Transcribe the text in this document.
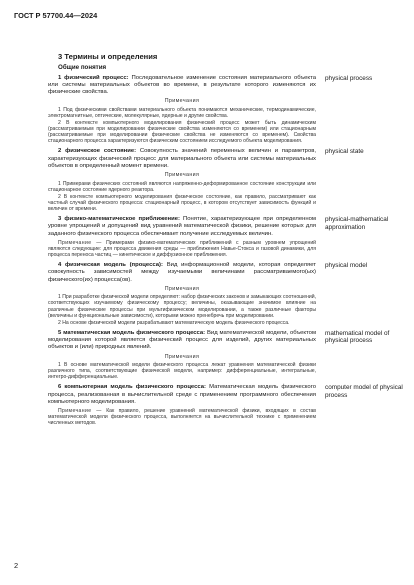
ГОСТ Р 57700.44—2024
3 Термины и определения
Общие понятия
1 физический процесс: Последовательное изменение состояния материального объекта или системы материальных объектов во времени, в результате которого изменяются их физические свойства.
physical process
Примечания
1 Под физическими свойствами материального объекта понимаются механические, термодинамические, электромагнитные, оптические, молекулярные, ядерные и другие свойства.
2 В контексте компьютерного моделирования физический процесс может быть динамическим (рассматриваемым при моделировании физические свойства изменяются со временем) или стационарным (рассматриваемые при моделировании физические свойства не изменяются со временем). Свойства стационарного процесса характеризуются физическим состоянием исследуемого объекта моделирования.
2 физическое состояние: Совокупность значений переменных величин и параметров, характеризующих физический процесс для материального объекта или системы материальных объектов в определенный момент времени.
physical state
Примечания
1 Примерами физических состояний являются напряженно-деформированное состояние конструкции или стационарное состояние ядерного реактора.
2 В контексте компьютерного моделирования физическое состояние, как правило, рассматривают как частный случай физического процесса: стационарный процесс, в котором отсутствует зависимость функций и величин от времени.
3 физико-математическое приближение: Понятие, характеризующее при определенном уровне упрощений и допущений вид уравнений математической физики, решение которых для заданного физического процесса обеспечивает получение исследуемых величин.
physical-mathematical approximation
Примечание — Примерами физико-математических приближений с разным уровнем упрощений являются следующие: для процесса движения среды — приближения Навье-Стокса и газовой динамики, для процесса переноса частиц — кинетическое и диффузионное приближения.
4 физическая модель (процесса): Вид информационной модели, которая определяет совокупность зависимостей между изучаемыми величинами рассматриваемого(ых) физического(их) процесса(ов).
physical model
Примечания
1 При разработке физической модели определяют: набор физических законов и замыкающих соотношений, соответствующих изучаемому физическому процессу; величины, оказывающие значимое влияние на различные физические процессы при мультифизическом моделировании, а также различные факторы (величины и функциональные зависимости), которыми можно пренебречь при моделировании.
2 На основе физической модели разрабатывают математическую модель физического процесса.
5 математическая модель физического процесса: Вид математической модели, объектом моделирования которой является физический процесс для изделий, других материальных объектов и (или) природных явлений.
mathematical model of physical process
Примечания
1 В основе математической модели физического процесса лежат уравнения математической физики различного типа, соответствующие физической модели, например: дифференциальные, интегральные, интегро-дифференциальные.
6 компьютерная модель физического процесса: Математическая модель физического процесса, реализованная в вычислительной среде с применением программного обеспечения компьютерного моделирования.
computer model of physical process
Примечание — Как правило, решение уравнений математической физики, входящих в состав математической модели физического процесса, выполняется на вычислительной технике с применением численных методов.
2
